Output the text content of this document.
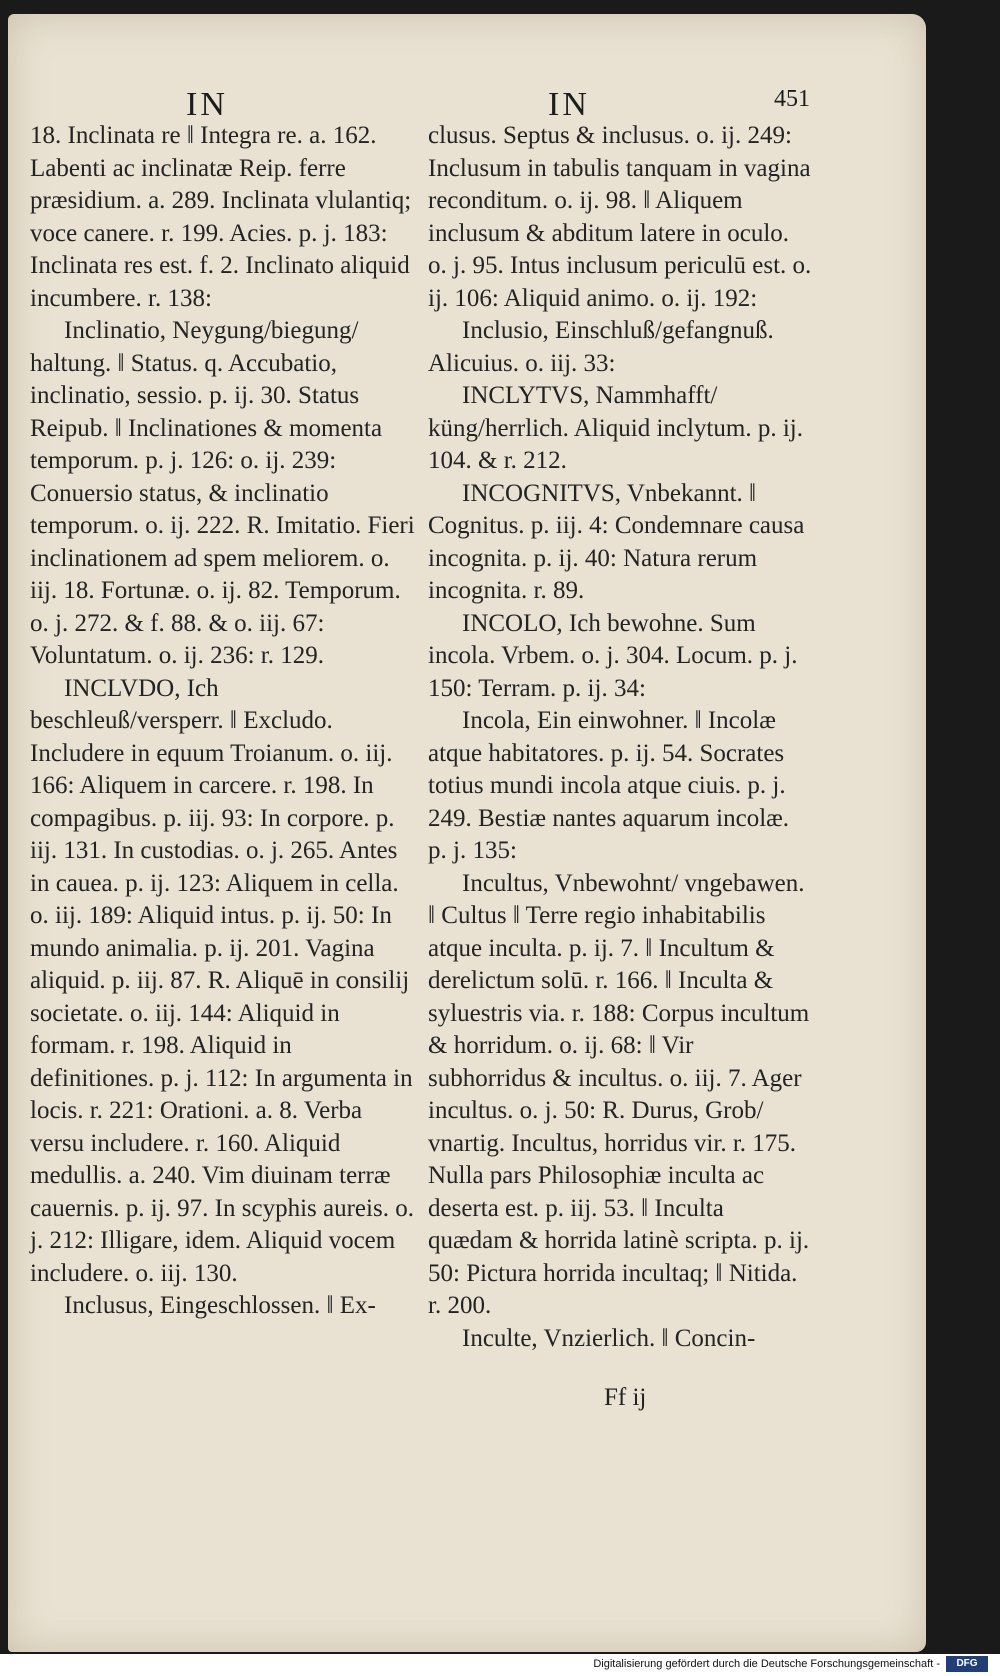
IN	IN	451

18. Inclinata re ‖ Integra re. a. 162. Labenti ac inclinatæ Reip. ferre præsidium. a. 289. Inclinata vlulantiq; voce canere. r. 199. Acies. p. j. 183: Inclinata res est. f. 2. Inclinato aliquid incumbere. r. 138:

Inclinatio, Neygung/biegung/ haltung. ‖ Status. q. Accubatio, inclinatio, sessio. p. ij. 30. Status Reipub. ‖ Inclinationes & momenta temporum. p. j. 126: o. ij. 239: Conuersio status, & inclinatio temporum. o. ij. 222. R. Imitatio. Fieri inclinationem ad spem meliorem. o. iij. 18. Fortunæ. o. ij. 82. Temporum. o. j. 272. & f. 88. & o. iij. 67: Voluntatum. o. ij. 236: r. 129.

INCLVDO, Ich beschleuß/versperr. ‖ Excludo. Includere in equum Troianum. o. iij. 166: Aliquem in carcere. r. 198. In compagibus. p. iij. 93: In corpore. p. iij. 131. In custodias. o. j. 265. Antes in cauea. p. ij. 123: Aliquem in cella. o. iij. 189: Aliquid intus. p. ij. 50: In mundo animalia. p. ij. 201. Vagina aliquid. p. iij. 87. R. Aliquē in consilij societate. o. iij. 144: Aliquid in formam. r. 198. Aliquid in definitiones. p. j. 112: In argumenta in locis. r. 221: Orationi. a. 8. Verba versu includere. r. 160. Aliquid medullis. a. 240. Vim diuinam terræ cauernis. p. ij. 97. In scyphis aureis. o. j. 212: Illigare, idem. Aliquid vocem includere. o. iij. 130.

Inclusus, Eingeschlossen. ‖ Ex-

clusus. Septus & inclusus. o. ij. 249: Inclusum in tabulis tanquam in vagina reconditum. o. ij. 98. ‖ Aliquem inclusum & abditum latere in oculo. o. j. 95. Intus inclusum periculū est. o. ij. 106: Aliquid animo. o. ij. 192:

Inclusio, Einschluß/gefangnuß. Alicuius. o. iij. 33:

INCLYTVS, Nammhafft/ küng/herrlich. Aliquid inclytum. p. ij. 104. & r. 212.

INCOGNITVS, Vnbekannt. ‖ Cognitus. p. iij. 4: Condemnare causa incognita. p. ij. 40: Natura rerum incognita. r. 89.

INCOLO, Ich bewohne. Sum incola. Vrbem. o. j. 304. Locum. p. j. 150: Terram. p. ij. 34:

Incola, Ein einwohner. ‖ Incolæ atque habitatores. p. ij. 54. Socrates totius mundi incola atque ciuis. p. j. 249. Bestiæ nantes aquarum incolæ. p. j. 135:

Incultus, Vnbewohnt/ vngebawen. ‖ Cultus ‖ Terre regio inhabitabilis atque inculta. p. ij. 7. ‖ Incultum & derelictum solū. r. 166. ‖ Inculta & syluestris via. r. 188: Corpus incultum & horridum. o. ij. 68: ‖ Vir subhorridus & incultus. o. iij. 7. Ager incultus. o. j. 50: R. Durus, Grob/ vnartig. Incultus, horridus vir. r. 175. Nulla pars Philosophiæ inculta ac deserta est. p. iij. 53. ‖ Inculta quædam & horrida latinè scripta. p. ij. 50: Pictura horrida incultaq; ‖ Nitida. r. 200.

Inculte, Vnzierlich. ‖ Concin-

Ff ij
Digitalisierung gefördert durch die Deutsche Forschungsgemeinschaft -	DFG
